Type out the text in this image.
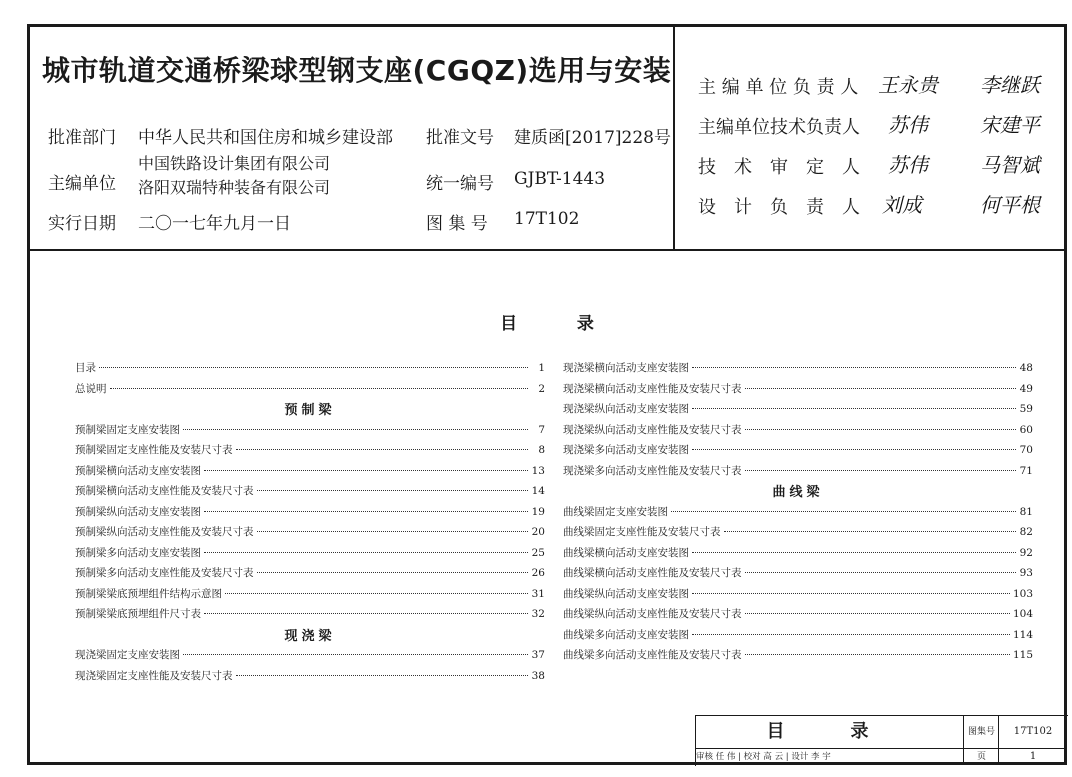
城市轨道交通桥梁球型钢支座(CGQZ)选用与安装
批准部门 中华人民共和国住房和城乡建设部
主编单位
中国铁路设计集团有限公司
洛阳双瑞特种装备有限公司
实行日期 二〇一七年九月一日
批准文号 建质函[2017]228号
统一编号 GJBT-1443
图 集 号 17T102
主 编 单 位 负 责 人 王永贵 李继跃
主编单位技术负责人 苏伟	宋建平
技　术　审　定　人 苏伟	马智斌
设　计　负　责　人 刘成	何平根
目	录
目录	1
总说明	2
预制梁
预制梁固定支座安装图	7
预制梁固定支座性能及安装尺寸表	8
预制梁横向活动支座安装图	13
预制梁横向活动支座性能及安装尺寸表	14
预制梁纵向活动支座安装图	19
预制梁纵向活动支座性能及安装尺寸表	20
预制梁多向活动支座安装图	25
预制梁多向活动支座性能及安装尺寸表	26
预制梁梁底预埋组件结构示意图	31
预制梁梁底预埋组件尺寸表	32
现浇梁
现浇梁固定支座安装图	37
现浇梁固定支座性能及安装尺寸表	38
现浇梁横向活动支座安装图	48
现浇梁横向活动支座性能及安装尺寸表	49
现浇梁纵向活动支座安装图	59
现浇梁纵向活动支座性能及安装尺寸表	60
现浇梁多向活动支座安装图	70
现浇梁多向活动支座性能及安装尺寸表	71
曲线梁
曲线梁固定支座安装图	81
曲线梁固定支座性能及安装尺寸表	82
曲线梁横向活动支座安装图	92
曲线梁横向活动支座性能及安装尺寸表	93
曲线梁纵向活动支座安装图	103
曲线梁纵向活动支座性能及安装尺寸表	104
曲线梁多向活动支座安装图	114
曲线梁多向活动支座性能及安装尺寸表	115
目　录	图集号	17T102
页	1
审核 任 伟 | 校对 高 云 | 设计 李 宇
